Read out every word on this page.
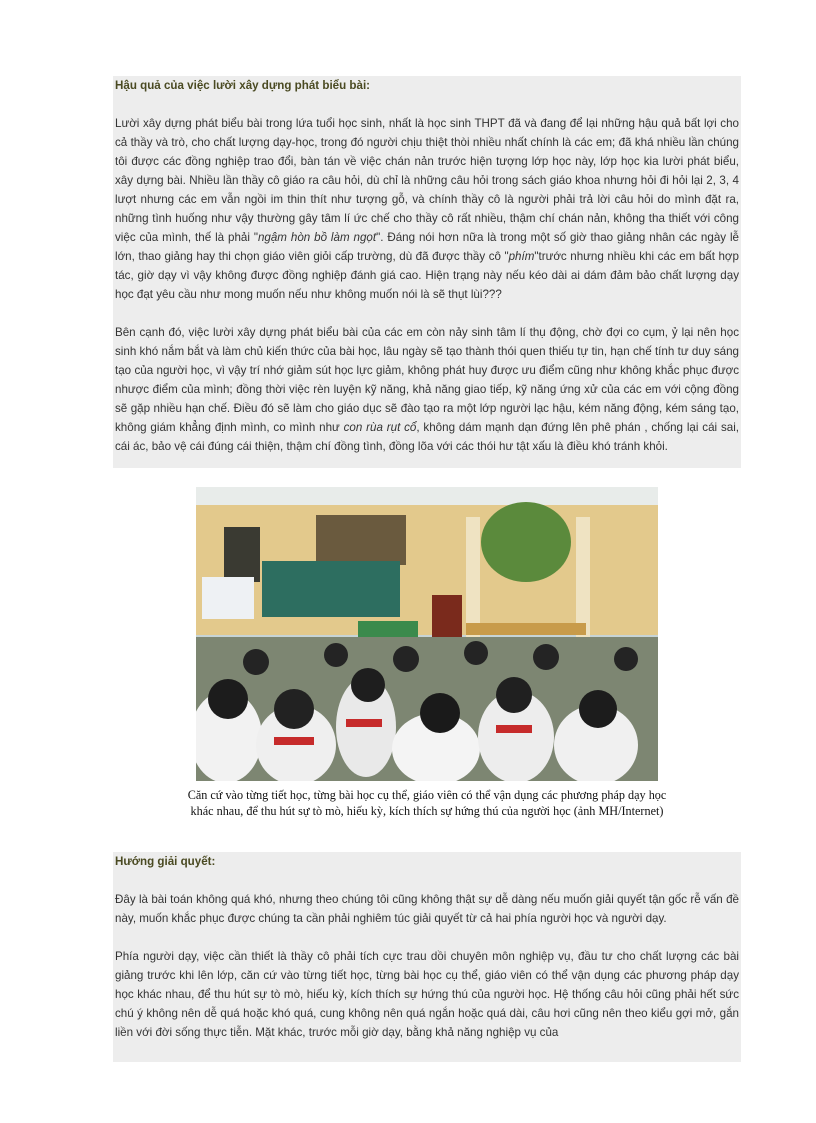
Hậu quả của việc lười xây dựng phát biểu bài:

Lười xây dựng phát biểu bài trong lứa tuổi học sinh, nhất là học sinh THPT đã và đang để lại những hậu quả bất lợi cho cả thầy và trò, cho chất lượng dạy-học, trong đó người chịu thiệt thòi nhiều nhất chính là các em; đã khá nhiều lần chúng tôi được các đồng nghiệp trao đổi, bàn tán về việc chán nản trước hiện tượng lớp học này, lớp học kia lười phát biểu, xây dựng bài. Nhiều lần thầy cô giáo ra câu hỏi, dù chỉ là những câu hỏi trong sách giáo khoa nhưng hỏi đi hỏi lại 2, 3, 4 lượt nhưng các em vẫn ngồi im thin thít như tượng gỗ, và chính thầy cô là người phải trả lời câu hỏi do mình đặt ra, những tình huống như vậy thường gây tâm lí ức chế cho thầy cô rất nhiều, thậm chí chán nản, không tha thiết với công việc của mình, thế là phải "ngậm hòn bồ làm ngọt". Đáng nói hơn nữa là trong một số giờ thao giảng nhân các ngày lễ lớn, thao giảng hay thi chọn giáo viên giỏi cấp trường, dù đã được thầy cô "phím"trước nhưng nhiều khi các em bất hợp tác, giờ dạy vì vậy không được đồng nghiệp đánh giá cao. Hiện trạng này nếu kéo dài ai dám đảm bảo chất lượng dạy học đạt yêu cầu như mong muốn nếu như không muốn nói là sẽ thụt lùi???

Bên cạnh đó, việc lười xây dựng phát biểu bài của các em còn nảy sinh tâm lí thụ động, chờ đợi co cụm, ỷ lại nên học sinh khó nắm bắt và làm chủ kiến thức của bài học, lâu ngày sẽ tạo thành thói quen thiếu tự tin, hạn chế tính tư duy sáng tạo của người học, vì vậy trí nhớ giảm sút học lực giảm, không phát huy được ưu điểm cũng như không khắc phục được nhược điểm của mình; đồng thời việc rèn luyện kỹ năng, khả năng giao tiếp, kỹ năng ứng xử của các em với cộng đồng sẽ gặp nhiều hạn chế. Điều đó sẽ làm cho giáo dục sẽ đào tạo ra một lớp người lạc hậu, kém năng động, kém sáng tạo, không giám khẳng định mình, co mình như con rùa rụt cổ, không dám mạnh dạn đứng lên phê phán , chống lại cái sai, cái ác, bảo vệ cái đúng cái thiện, thậm chí đồng tình, đồng lõa với các thói hư tật xấu là điều khó tránh khỏi.

Căn cứ vào từng tiết học, từng bài học cụ thể, giáo viên có thể vận dụng các phương pháp dạy học khác nhau, để thu hút sự tò mò, hiếu kỳ, kích thích sự hứng thú của người học (ảnh MH/Internet)

Hướng giải quyết:

Đây là bài toán không quá khó, nhưng theo chúng tôi cũng không thật sự dễ dàng nếu muốn giải quyết tận gốc rễ vấn đề này, muốn khắc phục được chúng ta cần phải nghiêm túc giải quyết từ cả hai phía người học và người dạy.

Phía người dạy, việc cần thiết là thầy cô phải tích cực trau dồi chuyên môn nghiệp vụ, đầu tư cho chất lượng các bài giảng trước khi lên lớp, căn cứ vào từng tiết học, từng bài học cụ thể, giáo viên có thể vận dụng các phương pháp dạy học khác nhau, để thu hút sự tò mò, hiếu kỳ, kích thích sự hứng thú của người học. Hệ thống câu hỏi cũng phải hết sức chú ý không nên dễ quá hoặc khó quá, cung không nên quá ngắn hoặc quá dài, câu hơi cũng nên theo kiểu gợi mở, gắn liền với đời sống thực tiễn. Mặt khác, trước mỗi giờ dạy, bằng khả năng nghiệp vụ của
